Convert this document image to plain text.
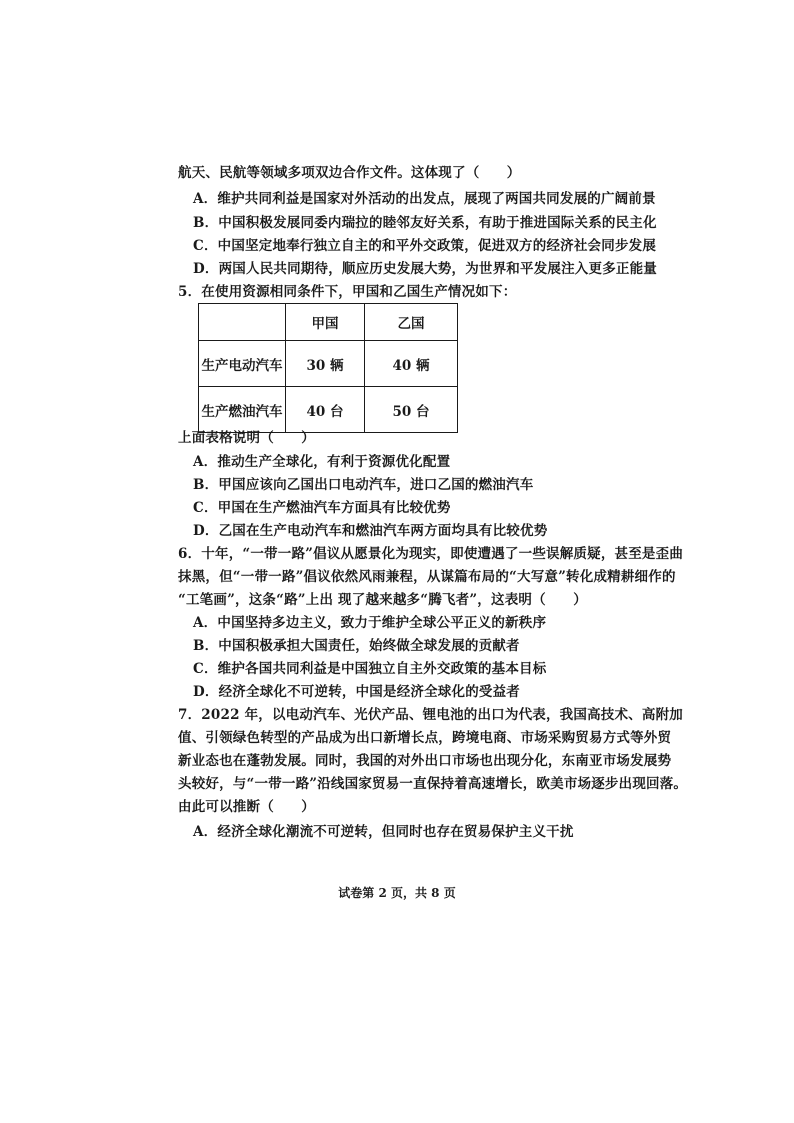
航天、民航等领域多项双边合作文件。这体现了（　　）
A．维护共同利益是国家对外活动的出发点，展现了两国共同发展的广阔前景
B．中国积极发展同委内瑞拉的睦邻友好关系，有助于推进国际关系的民主化
C．中国坚定地奉行独立自主的和平外交政策，促进双方的经济社会同步发展
D．两国人民共同期待，顺应历史发展大势，为世界和平发展注入更多正能量
5．在使用资源相同条件下，甲国和乙国生产情况如下：
	甲国	乙国
生产电动汽车	30 辆	40 辆
生产燃油汽车	40 台	50 台
上面表格说明（　　）
A．推动生产全球化，有利于资源优化配置
B．甲国应该向乙国出口电动汽车，进口乙国的燃油汽车
C．甲国在生产燃油汽车方面具有比较优势
D．乙国在生产电动汽车和燃油汽车两方面均具有比较优势
6．十年，“一带一路”倡议从愿景化为现实，即使遭遇了一些误解质疑，甚至是歪曲
抹黑，但“一带一路”倡议依然风雨兼程，从谋篇布局的“大写意”转化成精耕细作的
“工笔画”，这条“路”上出 现了越来越多“腾飞者”，这表明（　　）
A．中国坚持多边主义，致力于维护全球公平正义的新秩序
B．中国积极承担大国责任，始终做全球发展的贡献者
C．维护各国共同利益是中国独立自主外交政策的基本目标
D．经济全球化不可逆转，中国是经济全球化的受益者
7．2022 年，以电动汽车、光伏产品、锂电池的出口为代表，我国高技术、高附加
值、引领绿色转型的产品成为出口新增长点，跨境电商、市场采购贸易方式等外贸
新业态也在蓬勃发展。同时，我国的对外出口市场也出现分化，东南亚市场发展势
头较好，与“一带一路”沿线国家贸易一直保持着高速增长，欧美市场逐步出现回落。
由此可以推断（　　）
A．经济全球化潮流不可逆转，但同时也存在贸易保护主义干扰
试卷第 2 页，共 8 页
